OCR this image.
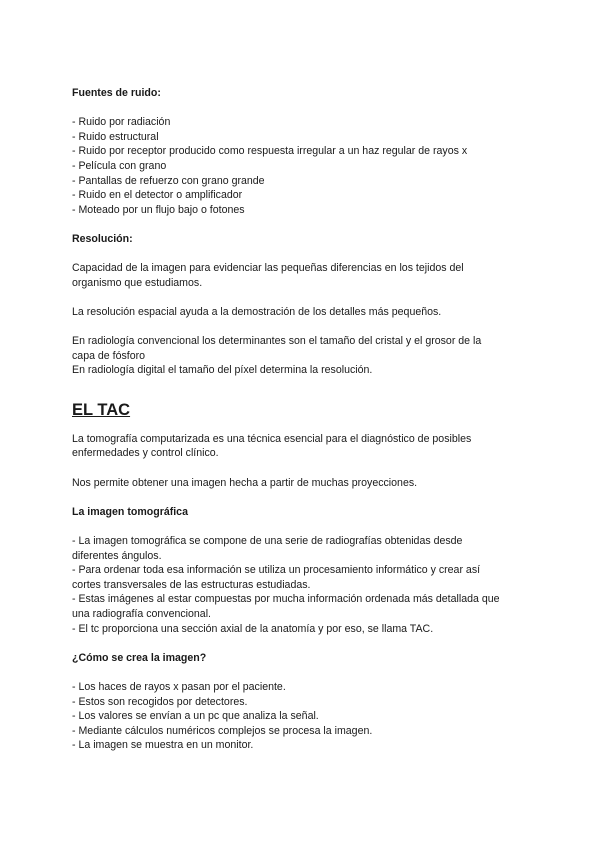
Fuentes de ruido:

- Ruido por radiación

- Ruido estructural

- Ruido por receptor producido como respuesta irregular a un haz regular de rayos x

- Película con grano

- Pantallas de refuerzo con grano grande

- Ruido en el detector o amplificador

- Moteado por un flujo bajo o fotones

Resolución:

Capacidad de la imagen para evidenciar las pequeñas diferencias en los tejidos del

organismo que estudiamos.

La resolución espacial ayuda a la demostración de los detalles más pequeños.

En radiología convencional los determinantes son el tamaño del cristal y el grosor de la

capa de fósforo

En radiología digital el tamaño del píxel determina la resolución.

EL TAC

La tomografía computarizada es una técnica esencial para el diagnóstico de posibles

enfermedades y control clínico.

Nos permite obtener una imagen hecha a partir de muchas proyecciones.

La imagen tomográfica

- La imagen tomográfica se compone de una serie de radiografías obtenidas desde

diferentes ángulos.

- Para ordenar toda esa información se utiliza un procesamiento informático y crear así

cortes transversales de las estructuras estudiadas.

- Estas imágenes al estar compuestas por mucha información ordenada más detallada que

una radiografía convencional.

- El tc proporciona una sección axial de la anatomía y por eso, se llama TAC.

¿Cómo se crea la imagen?

- Los haces de rayos x pasan por el paciente.

- Estos son recogidos por detectores.

- Los valores se envían a un pc que analiza la señal.

- Mediante cálculos numéricos complejos se procesa la imagen.

- La imagen se muestra en un monitor.
